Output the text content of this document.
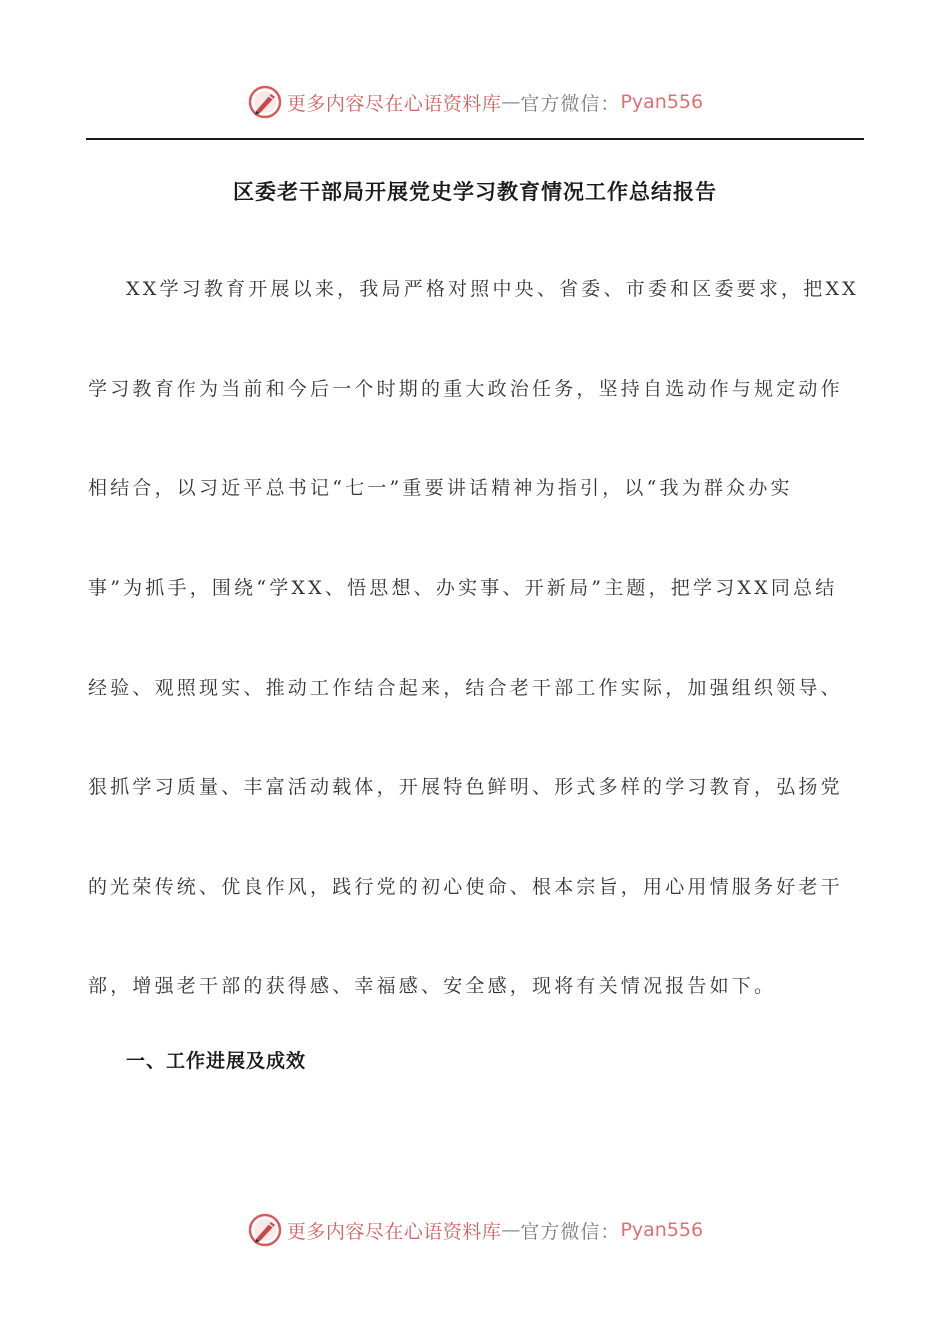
更多内容尽在心语资料库 — 官方微信： Pyan556
区委老干部局开展党史学习教育情况工作总结报告
XX学习教育开展以来，我局严格对照中央、省委、市委和区委要求，把XX
学习教育作为当前和今后一个时期的重大政治任务，坚持自选动作与规定动作
相结合，以习近平总书记“七一”重要讲话精神为指引，以“我为群众办实
事”为抓手，围绕“学XX、悟思想、办实事、开新局”主题，把学习XX同总结
经验、观照现实、推动工作结合起来，结合老干部工作实际，加强组织领导、
狠抓学习质量、丰富活动载体，开展特色鲜明、形式多样的学习教育，弘扬党
的光荣传统、优良作风，践行党的初心使命、根本宗旨，用心用情服务好老干
部，增强老干部的获得感、幸福感、安全感，现将有关情况报告如下。
一、工作进展及成效
更多内容尽在心语资料库 — 官方微信： Pyan556
